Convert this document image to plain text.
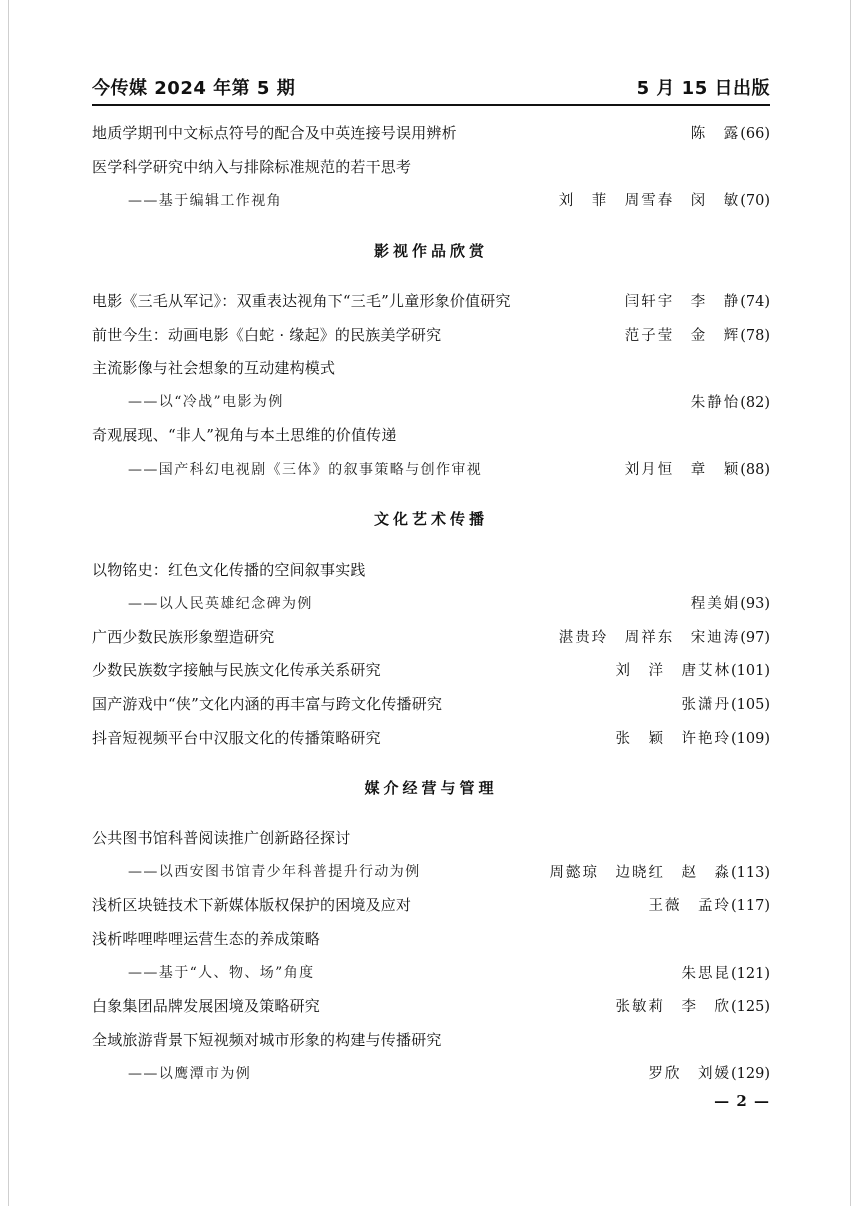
今传媒 2024 年第 5 期	5 月 15 日出版
地质学期刊中文标点符号的配合及中英连接号误用辨析	陈　露(66)
医学科学研究中纳入与排除标准规范的若干思考
——基于编辑工作视角	刘　菲　周雪春　闵　敏(70)
影视作品欣赏
电影《三毛从军记》：双重表达视角下“三毛”儿童形象价值研究	闫轩宇　李　静(74)
前世今生：动画电影《白蛇 · 缘起》的民族美学研究	范子莹　金　辉(78)
主流影像与社会想象的互动建构模式
——以“冷战”电影为例	朱静怡(82)
奇观展现、“非人”视角与本土思维的价值传递
——国产科幻电视剧《三体》的叙事策略与创作审视	刘月恒　章　颖(88)
文化艺术传播
以物铭史：红色文化传播的空间叙事实践
——以人民英雄纪念碑为例	程美娟(93)
广西少数民族形象塑造研究	湛贵玲　周祥东　宋迪涛(97)
少数民族数字接触与民族文化传承关系研究	刘　洋　唐艾林(101)
国产游戏中“侠”文化内涵的再丰富与跨文化传播研究	张潇丹(105)
抖音短视频平台中汉服文化的传播策略研究	张　颖　许艳玲(109)
媒介经营与管理
公共图书馆科普阅读推广创新路径探讨
——以西安图书馆青少年科普提升行动为例	周懿琼　边晓红　赵　淼(113)
浅析区块链技术下新媒体版权保护的困境及应对	王薇　孟玲(117)
浅析哔哩哔哩运营生态的养成策略
——基于“人、物、场”角度	朱思昆(121)
白象集团品牌发展困境及策略研究	张敏莉　李　欣(125)
全域旅游背景下短视频对城市形象的构建与传播研究
——以鹰潭市为例	罗欣　刘媛(129)
— 2 —
